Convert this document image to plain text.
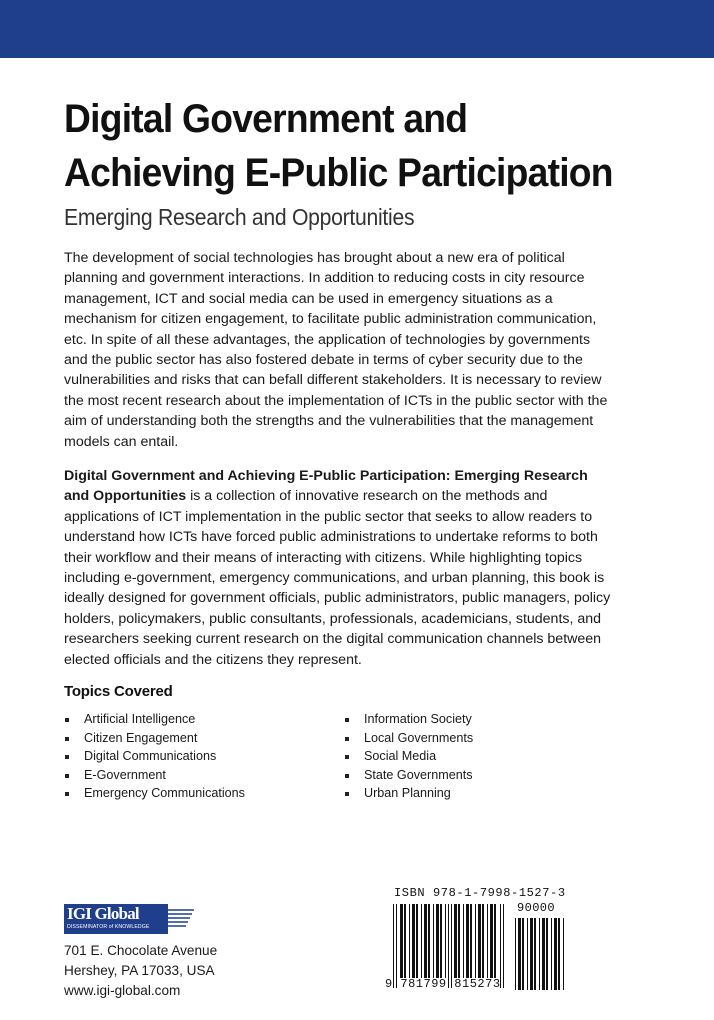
Digital Government and
Achieving E-Public Participation
Emerging Research and Opportunities

The development of social technologies has brought about a new era of political planning and government interactions. In addition to reducing costs in city resource management, ICT and social media can be used in emergency situations as a mechanism for citizen engagement, to facilitate public administration communication, etc. In spite of all these advantages, the application of technologies by governments and the public sector has also fostered debate in terms of cyber security due to the vulnerabilities and risks that can befall different stakeholders. It is necessary to review the most recent research about the implementation of ICTs in the public sector with the aim of understanding both the strengths and the vulnerabilities that the management models can entail.

Digital Government and Achieving E-Public Participation: Emerging Research and Opportunities is a collection of innovative research on the methods and applications of ICT implementation in the public sector that seeks to allow readers to understand how ICTs have forced public administrations to undertake reforms to both their workflow and their means of interacting with citizens. While highlighting topics including e-government, emergency communications, and urban planning, this book is ideally designed for government officials, public administrators, public managers, policy holders, policymakers, public consultants, professionals, academicians, students, and researchers seeking current research on the digital communication channels between elected officials and the citizens they represent.

Topics Covered
Artificial Intelligence
Citizen Engagement
Digital Communications
E-Government
Emergency Communications
Information Society
Local Governments
Social Media
State Governments
Urban Planning
IGI Global
DISSEMINATOR of KNOWLEDGE
701 E. Chocolate Avenue
Hershey, PA 17033, USA
www.igi-global.com
ISBN 978-1-7998-1527-3
90000
9 781799 815273
